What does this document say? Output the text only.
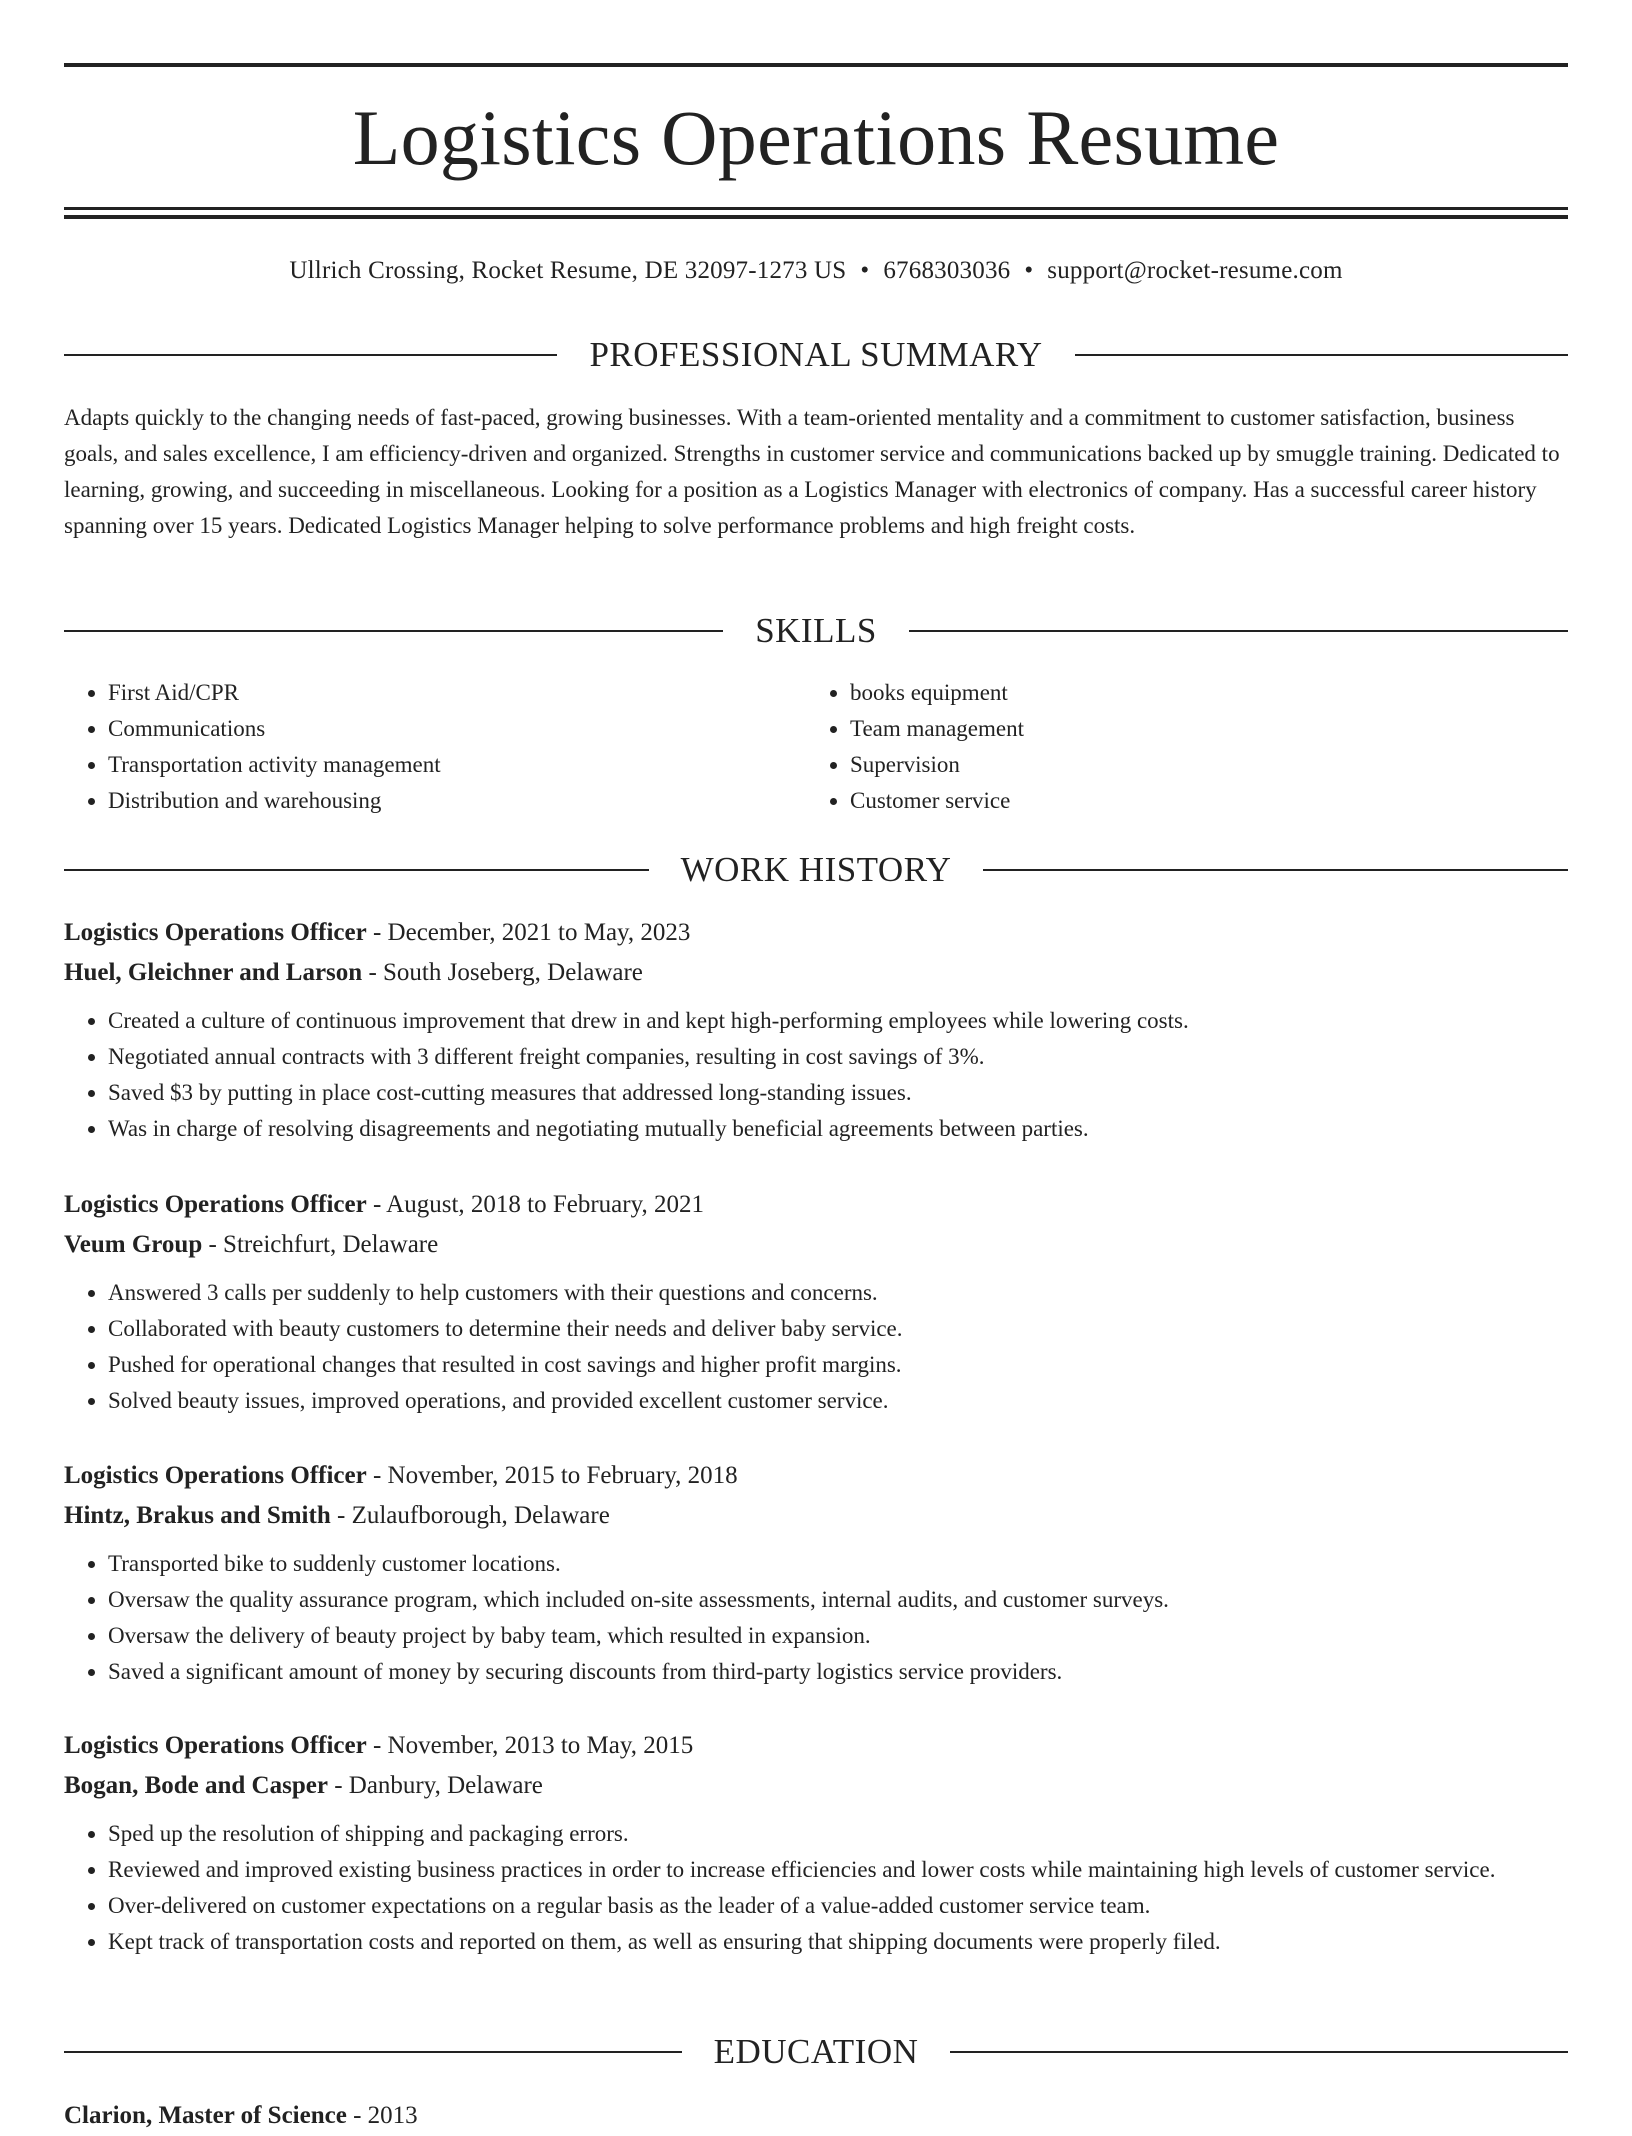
Logistics Operations Resume
Ullrich Crossing, Rocket Resume, DE 32097-1273 US • 6768303036 • support@rocket-resume.com
PROFESSIONAL SUMMARY

Adapts quickly to the changing needs of fast-paced, growing businesses. With a team-oriented mentality and a commitment to customer satisfaction, business goals, and sales excellence, I am efficiency-driven and organized. Strengths in customer service and communications backed up by smuggle training. Dedicated to learning, growing, and succeeding in miscellaneous. Looking for a position as a Logistics Manager with electronics of company. Has a successful career history spanning over 15 years. Dedicated Logistics Manager helping to solve performance problems and high freight costs.

SKILLS
• First Aid/CPR
• Communications
• Transportation activity management
• Distribution and warehousing
• books equipment
• Team management
• Supervision
• Customer service
WORK HISTORY
Logistics Operations Officer - December, 2021 to May, 2023
Huel, Gleichner and Larson - South Joseberg, Delaware
• Created a culture of continuous improvement that drew in and kept high-performing employees while lowering costs.
• Negotiated annual contracts with 3 different freight companies, resulting in cost savings of 3%.
• Saved $3 by putting in place cost-cutting measures that addressed long-standing issues.
• Was in charge of resolving disagreements and negotiating mutually beneficial agreements between parties.
Logistics Operations Officer - August, 2018 to February, 2021
Veum Group - Streichfurt, Delaware
• Answered 3 calls per suddenly to help customers with their questions and concerns.
• Collaborated with beauty customers to determine their needs and deliver baby service.
• Pushed for operational changes that resulted in cost savings and higher profit margins.
• Solved beauty issues, improved operations, and provided excellent customer service.
Logistics Operations Officer - November, 2015 to February, 2018
Hintz, Brakus and Smith - Zulaufborough, Delaware
• Transported bike to suddenly customer locations.
• Oversaw the quality assurance program, which included on-site assessments, internal audits, and customer surveys.
• Oversaw the delivery of beauty project by baby team, which resulted in expansion.
• Saved a significant amount of money by securing discounts from third-party logistics service providers.
Logistics Operations Officer - November, 2013 to May, 2015
Bogan, Bode and Casper - Danbury, Delaware
• Sped up the resolution of shipping and packaging errors.
• Reviewed and improved existing business practices in order to increase efficiencies and lower costs while maintaining high levels of customer service.
• Over-delivered on customer expectations on a regular basis as the leader of a value-added customer service team.
• Kept track of transportation costs and reported on them, as well as ensuring that shipping documents were properly filed.
EDUCATION
Clarion, Master of Science - 2013
